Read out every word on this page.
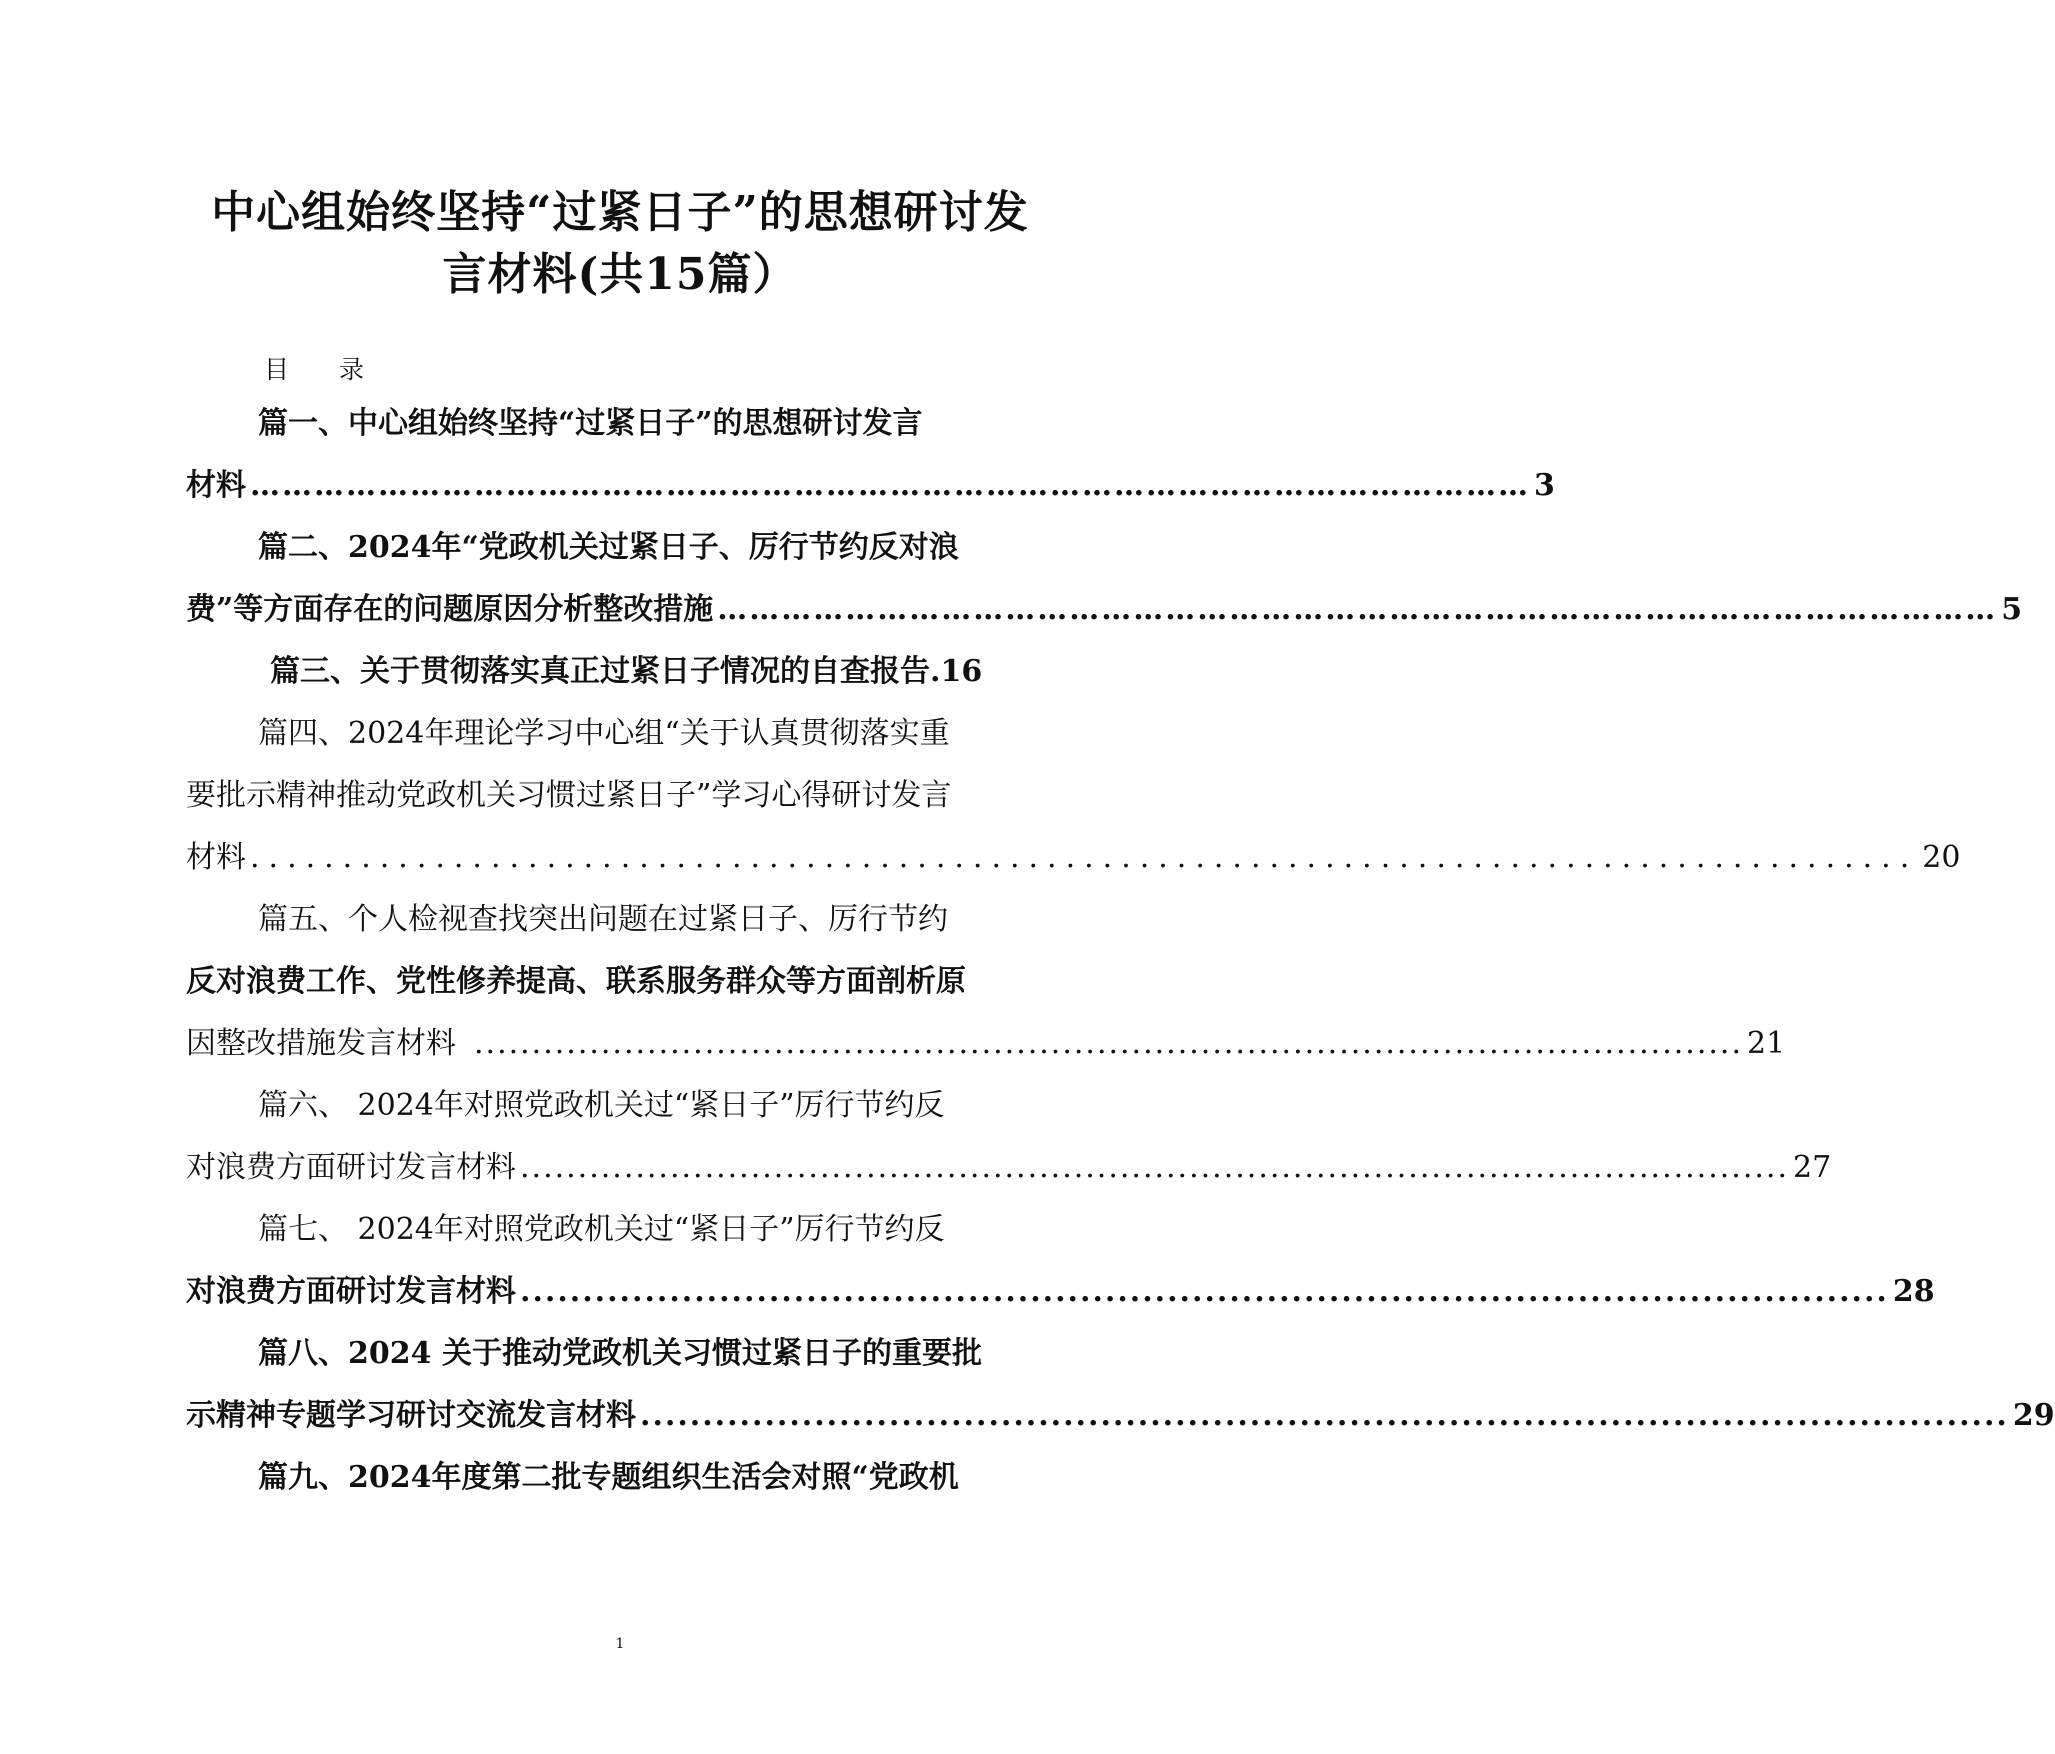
中心组始终坚持“过紧日子”的思想研讨发
言材料(共15篇）
目 录
篇一、中心组始终坚持“过紧日子”的思想研讨发言
材料 ………………………………………………………………………………………………………… 3
篇二、2024年“党政机关过紧日子、厉行节约反对浪
费”等方面存在的问题原因分析整改措施 ………………………………………………………………………………………………………… 5
篇三、关于贯彻落实真正过紧日子情况的自查报告. 16
篇四、2024年理论学习中心组“关于认真贯彻落实重
要批示精神推动党政机关习惯过紧日子”学习心得研讨发言
材料 .......................................................................................... 20
篇五、个人检视查找突出问题在过紧日子、厉行节约
反对浪费工作、党性修养提高、联系服务群众等方面剖析原
因整改措施发言材料 .............................................................................................................. 21
篇六、 2024年对照党政机关过“紧日子”厉行节约反
对浪费方面研讨发言材料 .............................................................................................................. 27
篇七、 2024年对照党政机关过“紧日子”厉行节约反
对浪费方面研讨发言材料 .............................................................................................................. 28
篇八、2024 关于推动党政机关习惯过紧日子的重要批
示精神专题学习研讨交流发言材料 .............................................................................................................. 29
篇九、2024年度第二批专题组织生活会对照“党政机
1
